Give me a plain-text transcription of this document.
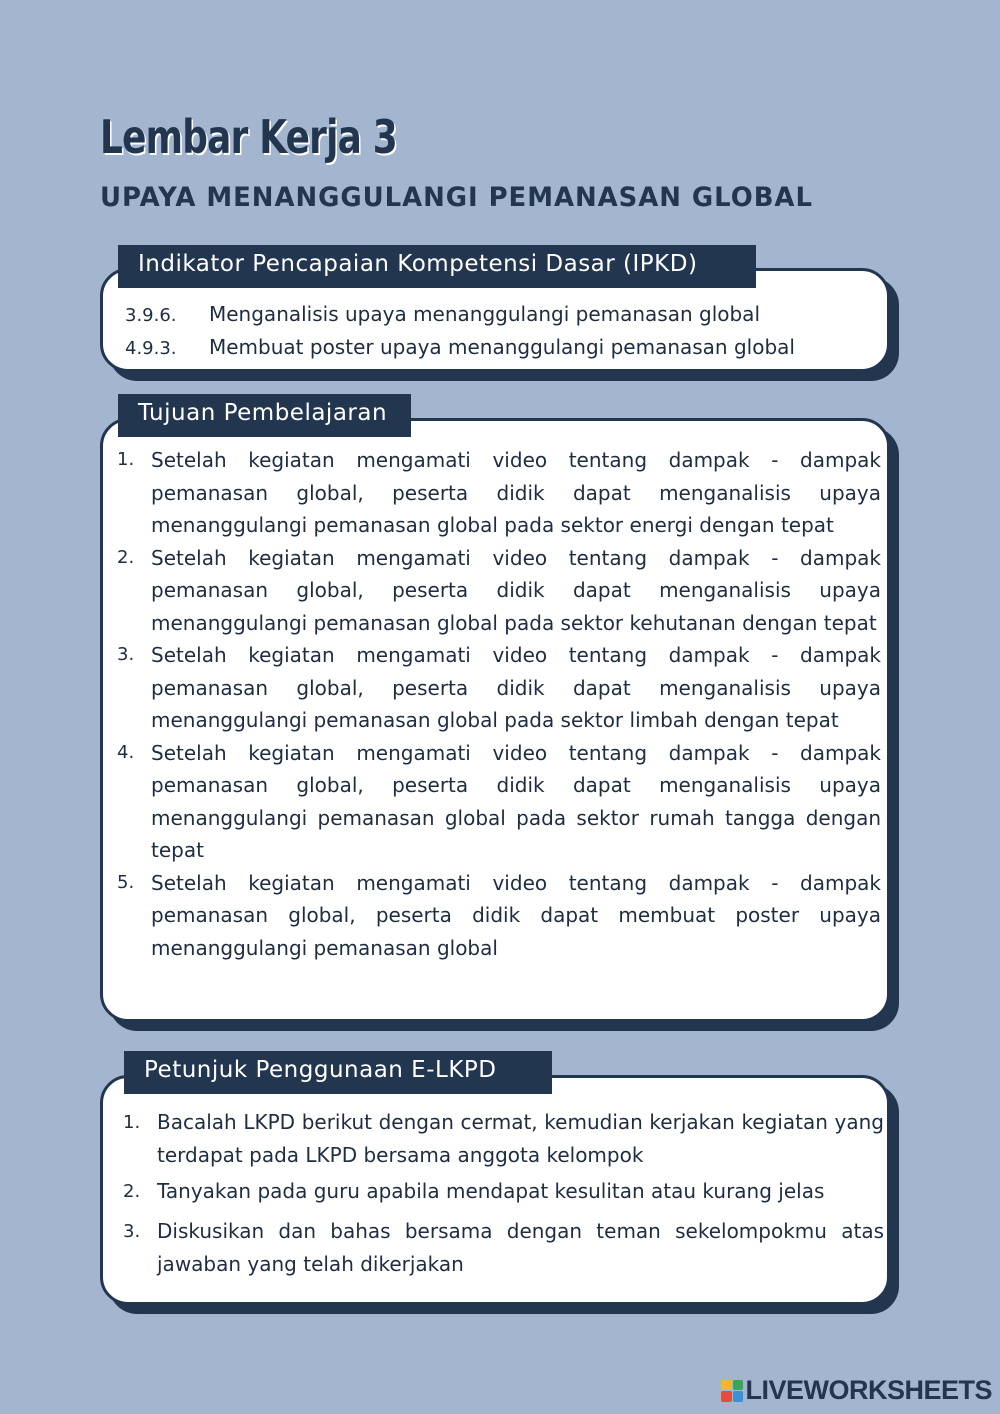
Lembar Kerja 3
UPAYA MENANGGULANGI PEMANASAN GLOBAL
3.9.6. Menganalisis upaya menanggulangi pemanasan global
4.9.3. Membuat poster upaya menanggulangi pemanasan global
Indikator Pencapaian Kompetensi Dasar (IPKD)
1. Setelah kegiatan mengamati video tentang dampak - dampak pemanasan global, peserta didik dapat menganalisis upaya menanggulangi pemanasan global pada sektor energi dengan tepat
2. Setelah kegiatan mengamati video tentang dampak - dampak pemanasan global, peserta didik dapat menganalisis upaya menanggulangi pemanasan global pada sektor kehutanan dengan tepat
3. Setelah kegiatan mengamati video tentang dampak - dampak pemanasan global, peserta didik dapat menganalisis upaya menanggulangi pemanasan global pada sektor limbah dengan tepat
4. Setelah kegiatan mengamati video tentang dampak - dampak pemanasan global, peserta didik dapat menganalisis upaya menanggulangi pemanasan global pada sektor rumah tangga dengan tepat
5. Setelah kegiatan mengamati video tentang dampak - dampak pemanasan global, peserta didik dapat membuat poster upaya menanggulangi pemanasan global
Tujuan Pembelajaran
1. Bacalah LKPD berikut dengan cermat, kemudian kerjakan kegiatan yang terdapat pada LKPD bersama anggota kelompok
2. Tanyakan pada guru apabila mendapat kesulitan atau kurang jelas
3. Diskusikan dan bahas bersama dengan teman sekelompokmu atas jawaban yang telah dikerjakan
Petunjuk Penggunaan E-LKPD
LIVEWORKSHEETS
